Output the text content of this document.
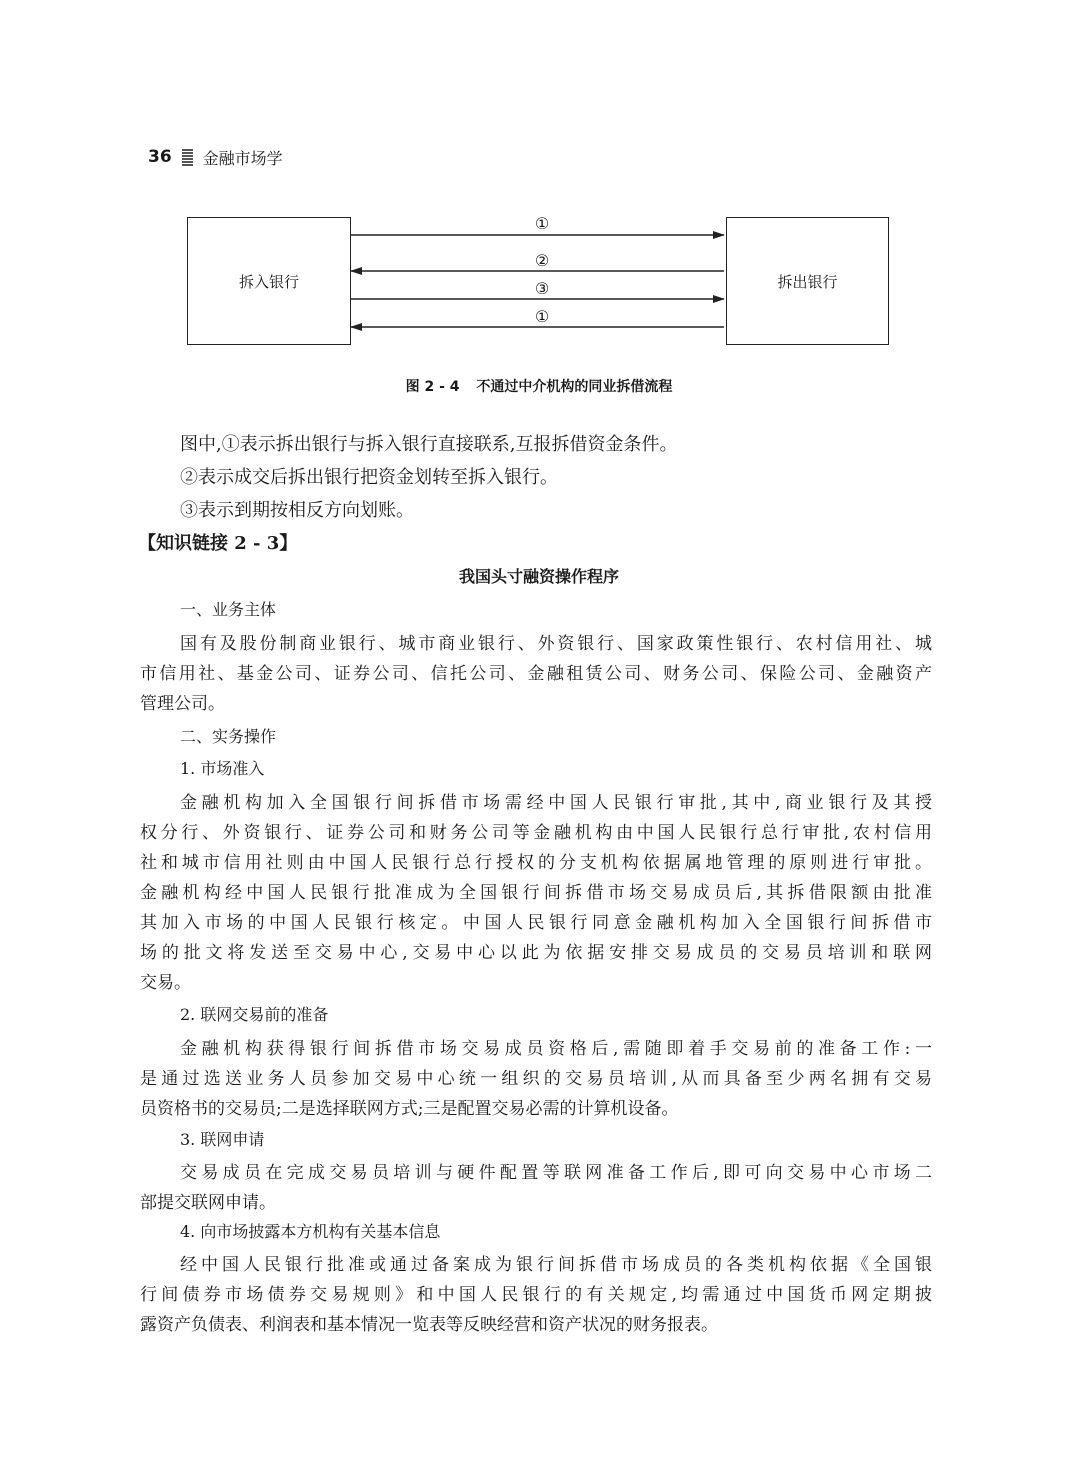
36 金融市场学
拆入银行	拆出银行
①
②
③
①
图 2 - 4 不通过中介机构的同业拆借流程
图中,①表示拆出银行与拆入银行直接联系,互报拆借资金条件。
②表示成交后拆出银行把资金划转至拆入银行。
③表示到期按相反方向划账。
【知识链接 2 - 3】
我国头寸融资操作程序
一、业务主体
国有及股份制商业银行、城市商业银行、外资银行、国家政策性银行、农村信用社、城
市信用社、基金公司、证券公司、信托公司、金融租赁公司、财务公司、保险公司、金融资产
管理公司。
二、实务操作
1. 市场准入
金融机构加入全国银行间拆借市场需经中国人民银行审批,其中,商业银行及其授
权分行、外资银行、证券公司和财务公司等金融机构由中国人民银行总行审批,农村信用
社和城市信用社则由中国人民银行总行授权的分支机构依据属地管理的原则进行审批。
金融机构经中国人民银行批准成为全国银行间拆借市场交易成员后,其拆借限额由批准
其加入市场的中国人民银行核定。中国人民银行同意金融机构加入全国银行间拆借市
场的批文将发送至交易中心,交易中心以此为依据安排交易成员的交易员培训和联网
交易。
2. 联网交易前的准备
金融机构获得银行间拆借市场交易成员资格后,需随即着手交易前的准备工作:一
是通过选送业务人员参加交易中心统一组织的交易员培训,从而具备至少两名拥有交易
员资格书的交易员;二是选择联网方式;三是配置交易必需的计算机设备。
3. 联网申请
交易成员在完成交易员培训与硬件配置等联网准备工作后,即可向交易中心市场二
部提交联网申请。
4. 向市场披露本方机构有关基本信息
经中国人民银行批准或通过备案成为银行间拆借市场成员的各类机构依据《全国银
行间债券市场债券交易规则》和中国人民银行的有关规定,均需通过中国货币网定期披
露资产负债表、利润表和基本情况一览表等反映经营和资产状况的财务报表。
